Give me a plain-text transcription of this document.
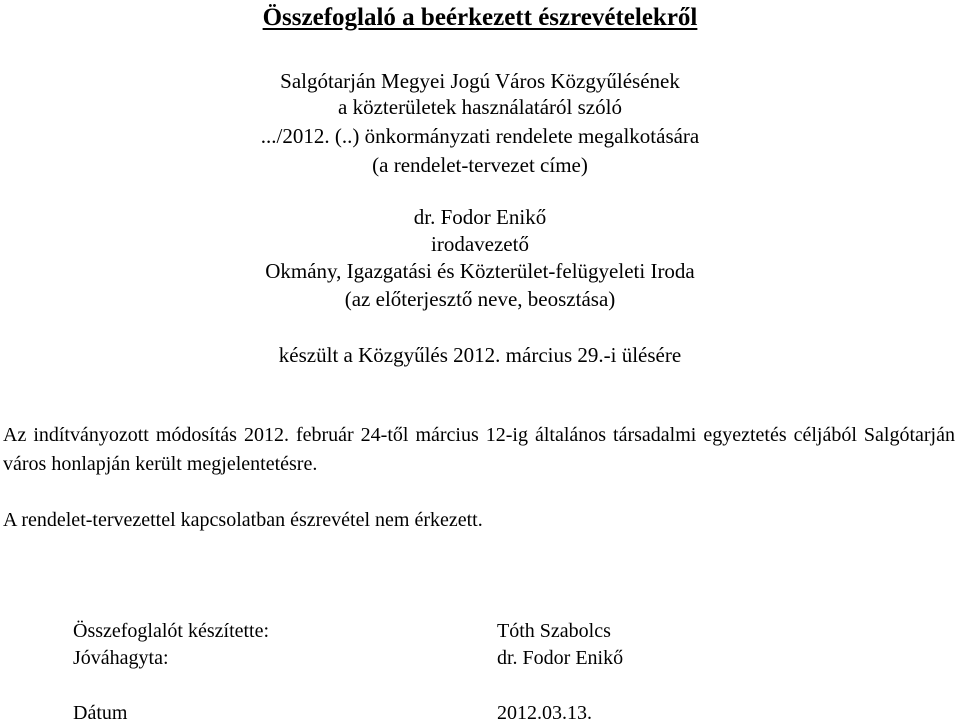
Összefoglaló a beérkezett észrevételekről
Salgótarján Megyei Jogú Város Közgyűlésének
a közterületek használatáról szóló
.../2012. (..) önkormányzati rendelete megalkotására
(a rendelet-tervezet címe)
dr. Fodor Enikő
irodavezető
Okmány, Igazgatási és Közterület-felügyeleti Iroda
(az előterjesztő neve, beosztása)
készült a Közgyűlés 2012. március 29.-i ülésére
Az indítványozott módosítás 2012. február 24-től március 12-ig általános társadalmi egyeztetés céljából Salgótarján város honlapján került megjelentetésre.
A rendelet-tervezettel kapcsolatban észrevétel nem érkezett.
Összefoglalót készítette:	Tóth Szabolcs
Jóváhagyta:	dr. Fodor Enikő
Dátum	2012.03.13.
